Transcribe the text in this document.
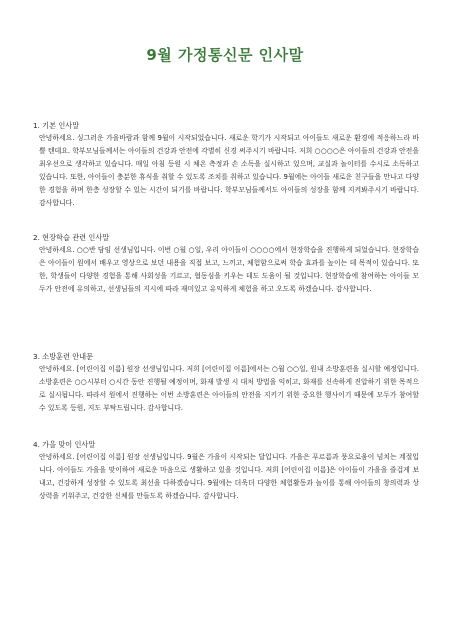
9월 가정통신문 인사말
1. 기본 인사말
안녕하세요. 싱그러운 가을바람과 함께 9월이 시작되었습니다. 새로운 학기가 시작되고 아이들도 새로운 환경에 적응하느라 바쁠 텐데요. 학부모님들께서는 아이들의 건강과 안전에 각별히 신경 써주시기 바랍니다. 저희 ○○○○은 아이들의 건강과 안전을 최우선으로 생각하고 있습니다. 매일 아침 등원 시 체온 측정과 손 소독을 실시하고 있으며, 교실과 놀이터를 수시로 소독하고 있습니다. 또한, 아이들이 충분한 휴식을 취할 수 있도록 조치를 취하고 있습니다. 9월에는 아이들 새로운 친구들을 만나고 다양한 경험을 하며 한층 성장할 수 있는 시간이 되기를 바랍니다. 학부모님들께서도 아이들의 성장을 함께 지켜봐주시기 바랍니다. 감사합니다.
2. 현장학습 관련 인사말
안녕하세요. ○○반 담임 선생님입니다. 이번 ○월 ○일, 우리 아이들이 ○○○○에서 현장학습을 진행하게 되었습니다. 현장학습은 아이들이 원에서 배우고 영상으로 보던 내용을 직접 보고, 느끼고, 체험함으로써 학습 효과를 높이는 데 목적이 있습니다. 또한, 학생들이 다양한 경험을 통해 사회성을 기르고, 협동심을 키우는 데도 도움이 될 것입니다. 현장학습에 참여하는 아이들 모두가 안전에 유의하고, 선생님들의 지시에 따라 재미있고 유익하게 체험을 하고 오도록 하겠습니다. 감사합니다.
3. 소방훈련 안내문
안녕하세요. [어린이집 이름] 원장 선생님입니다. 저희 [어린이집 이름]에서는 ○월 ○○일, 원내 소방훈련을 실시할 예정입니다. 소방훈련은 ○○시부터 ○시간 동안 진행될 예정이며, 화재 발생 시 대처 방법을 익히고, 화재를 신속하게 진압하기 위한 목적으로 실시됩니다. 따라서 원에서 진행하는 이번 소방훈련은 아이들의 안전을 지키기 위한 중요한 행사이기 때문에 모두가 참여할 수 있도록 등원, 지도 부탁드립니다. 감사합니다.
4. 가을 맞이 인사말
안녕하세요. [어린이집 이름] 원장 선생님입니다. 9월은 가을이 시작되는 달입니다. 가을은 푸르름과 풍요로움이 넘치는 계절입니다. 아이들도 가을을 맞이하여 새로운 마음으로 생활하고 있을 것입니다. 저희 [어린이집 이름]은 아이들이 가을을 즐겁게 보내고, 건강하게 성장할 수 있도록 최선을 다하겠습니다. 9월에는 더욱더 다양한 체험활동과 놀이를 통해 아이들의 창의력과 상상력을 키워주고, 건강한 신체를 만들도록 하겠습니다. 감사합니다.
